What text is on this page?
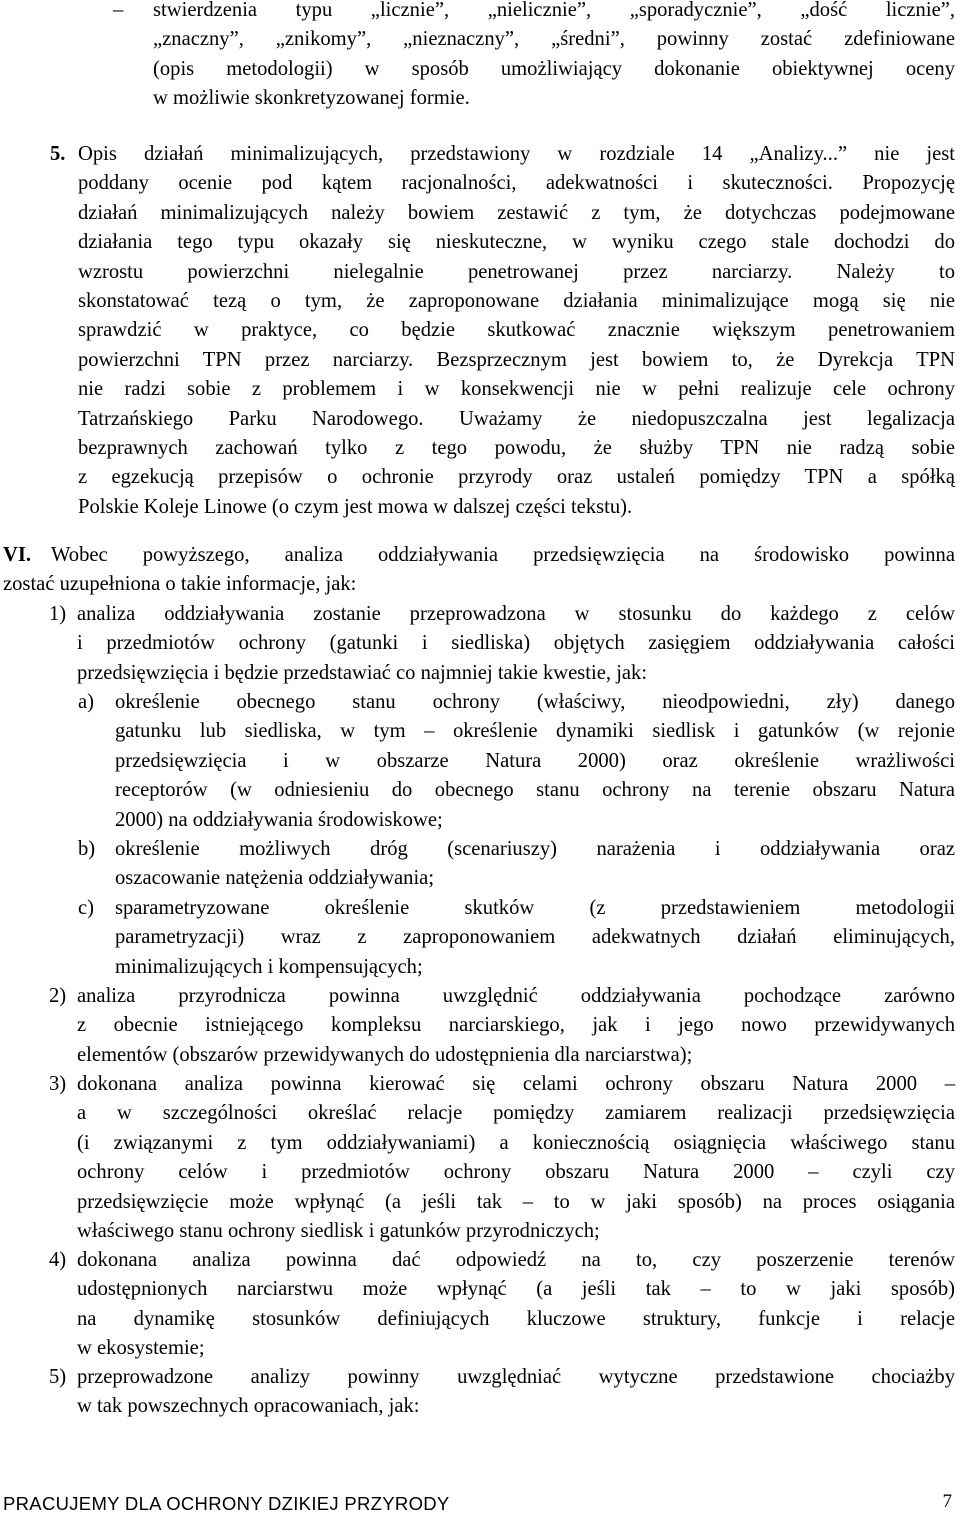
– stwierdzenia typu „licznie”, „nielicznie”, „sporadycznie”, „dość licznie”,
„znaczny”, „znikomy”, „nieznaczny”, „średni”, powinny zostać zdefiniowane
(opis metodologii) w sposób umożliwiający dokonanie obiektywnej oceny
w możliwie skonkretyzowanej formie.
5. Opis działań minimalizujących, przedstawiony w rozdziale 14 „Analizy...” nie jest
poddany ocenie pod kątem racjonalności, adekwatności i skuteczności. Propozycję
działań minimalizujących należy bowiem zestawić z tym, że dotychczas podejmowane
działania tego typu okazały się nieskuteczne, w wyniku czego stale dochodzi do
wzrostu powierzchni nielegalnie penetrowanej przez narciarzy. Należy to
skonstatować tezą o tym, że zaproponowane działania minimalizujące mogą się nie
sprawdzić w praktyce, co będzie skutkować znacznie większym penetrowaniem
powierzchni TPN przez narciarzy. Bezsprzecznym jest bowiem to, że Dyrekcja TPN
nie radzi sobie z problemem i w konsekwencji nie w pełni realizuje cele ochrony
Tatrzańskiego Parku Narodowego. Uważamy że niedopuszczalna jest legalizacja
bezprawnych zachowań tylko z tego powodu, że służby TPN nie radzą sobie
z egzekucją przepisów o ochronie przyrody oraz ustaleń pomiędzy TPN a spółką
Polskie Koleje Linowe (o czym jest mowa w dalszej części tekstu).
VI. Wobec powyższego, analiza oddziaływania przedsięwzięcia na środowisko powinna
zostać uzupełniona o takie informacje, jak:
1) analiza oddziaływania zostanie przeprowadzona w stosunku do każdego z celów
i przedmiotów ochrony (gatunki i siedliska) objętych zasięgiem oddziaływania całości
przedsięwzięcia i będzie przedstawiać co najmniej takie kwestie, jak:
a) określenie obecnego stanu ochrony (właściwy, nieodpowiedni, zły) danego
gatunku lub siedliska, w tym – określenie dynamiki siedlisk i gatunków (w rejonie
przedsięwzięcia i w obszarze Natura 2000) oraz określenie wrażliwości
receptorów (w odniesieniu do obecnego stanu ochrony na terenie obszaru Natura
2000) na oddziaływania środowiskowe;
b) określenie możliwych dróg (scenariuszy) narażenia i oddziaływania oraz
oszacowanie natężenia oddziaływania;
c) sparametryzowane określenie skutków (z przedstawieniem metodologii
parametryzacji) wraz z zaproponowaniem adekwatnych działań eliminujących,
minimalizujących i kompensujących;
2) analiza przyrodnicza powinna uwzględnić oddziaływania pochodzące zarówno
z obecnie istniejącego kompleksu narciarskiego, jak i jego nowo przewidywanych
elementów (obszarów przewidywanych do udostępnienia dla narciarstwa);
3) dokonana analiza powinna kierować się celami ochrony obszaru Natura 2000 –
a w szczególności określać relacje pomiędzy zamiarem realizacji przedsięwzięcia
(i związanymi z tym oddziaływaniami) a koniecznością osiągnięcia właściwego stanu
ochrony celów i przedmiotów ochrony obszaru Natura 2000 – czyli czy
przedsięwzięcie może wpłynąć (a jeśli tak – to w jaki sposób) na proces osiągania
właściwego stanu ochrony siedlisk i gatunków przyrodniczych;
4) dokonana analiza powinna dać odpowiedź na to, czy poszerzenie terenów
udostępnionych narciarstwu może wpłynąć (a jeśli tak – to w jaki sposób)
na dynamikę stosunków definiujących kluczowe struktury, funkcje i relacje
w ekosystemie;
5) przeprowadzone analizy powinny uwzględniać wytyczne przedstawione chociażby
w tak powszechnych opracowaniach, jak:
PRACUJEMY DLA OCHRONY DZIKIEJ PRZYRODY	7
